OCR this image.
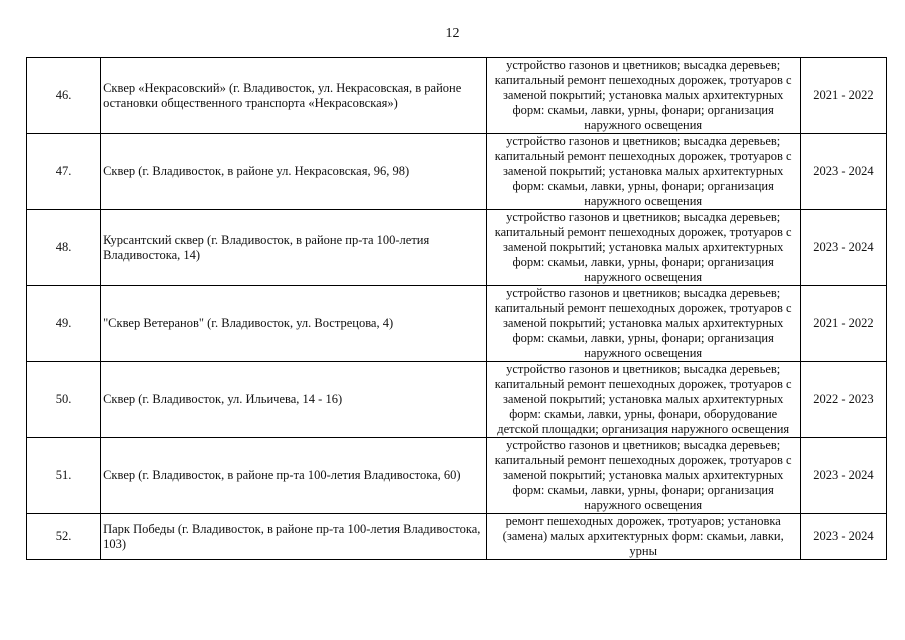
12
46.	Сквер «Некрасовский» (г. Владивосток, ул. Некрасовская, в районе остановки общественного транспорта «Некрасовская»)	устройство газонов и цветников; высадка деревьев; капитальный ремонт пешеходных дорожек, тротуаров с заменой покрытий; установка малых архитектурных форм: скамьи, лавки, урны, фонари; организация наружного освещения	2021 - 2022
47.	Сквер (г. Владивосток, в районе ул. Некрасовская, 96, 98)	устройство газонов и цветников; высадка деревьев; капитальный ремонт пешеходных дорожек, тротуаров с заменой покрытий; установка малых архитектурных форм: скамьи, лавки, урны, фонари; организация наружного освещения	2023 - 2024
48.	Курсантский сквер (г. Владивосток, в районе пр-та 100-летия Владивостока, 14)	устройство газонов и цветников; высадка деревьев; капитальный ремонт пешеходных дорожек, тротуаров с заменой покрытий; установка малых архитектурных форм: скамьи, лавки, урны, фонари; организация наружного освещения	2023 - 2024
49.	"Сквер Ветеранов" (г. Владивосток, ул. Вострецова, 4)	устройство газонов и цветников; высадка деревьев; капитальный ремонт пешеходных дорожек, тротуаров с заменой покрытий; установка малых архитектурных форм: скамьи, лавки, урны, фонари; организация наружного освещения	2021 - 2022
50.	Сквер (г. Владивосток, ул. Ильичева, 14 - 16)	устройство газонов и цветников; высадка деревьев; капитальный ремонт пешеходных дорожек, тротуаров с заменой покрытий; установка малых архитектурных форм: скамьи, лавки, урны, фонари, оборудование детской площадки; организация наружного освещения	2022 - 2023
51.	Сквер (г. Владивосток, в районе пр-та 100-летия Владивостока, 60)	устройство газонов и цветников; высадка деревьев; капитальный ремонт пешеходных дорожек, тротуаров с заменой покрытий; установка малых архитектурных форм: скамьи, лавки, урны, фонари; организация наружного освещения	2023 - 2024
52.	Парк Победы (г. Владивосток, в районе пр-та 100-летия Владивостока, 103)	ремонт пешеходных дорожек, тротуаров; установка (замена) малых архитектурных форм: скамьи, лавки, урны	2023 - 2024
